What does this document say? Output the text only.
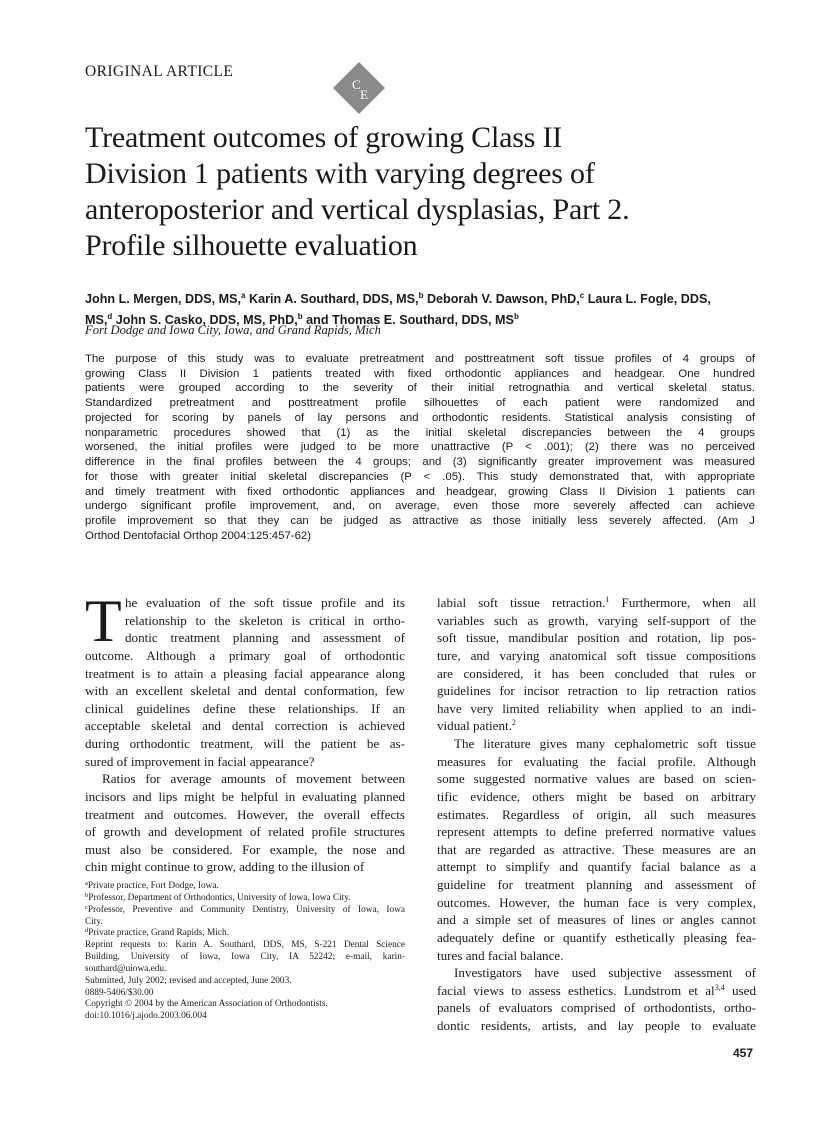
ORIGINAL ARTICLE
C
E
Treatment outcomes of growing Class II
Division 1 patients with varying degrees of
anteroposterior and vertical dysplasias, Part 2.
Profile silhouette evaluation
John L. Mergen, DDS, MS,$^a$ Karin A. Southard, DDS, MS,$^b$ Deborah V. Dawson, PhD,$^c$ Laura L. Fogle, DDS,
MS,$^d$ John S. Casko, DDS, MS, PhD,$^b$ and Thomas E. Southard, DDS, $MS^b$
Fort Dodge and Iowa City, Iowa, and Grand Rapids, Mich
The purpose of this study was to evaluate pretreatment and posttreatment soft tissue profiles of 4 groups of
growing Class II Division 1 patients treated with fixed orthodontic appliances and headgear. One hundred
patients were grouped according to the severity of their initial retrognathia and vertical skeletal status.
Standardized pretreatment and posttreatment profile silhouettes of each patient were randomized and
projected for scoring by panels of lay persons and orthodontic residents. Statistical analysis consisting of
nonparametric procedures showed that (1) as the initial skeletal discrepancies between the 4 groups
worsened, the initial profiles were judged to be more unattractive (P < .001); (2) there was no perceived
difference in the final profiles between the 4 groups; and (3) significantly greater improvement was measured
for those with greater initial skeletal discrepancies (P < .05). This study demonstrated that, with appropriate
and timely treatment with fixed orthodontic appliances and headgear, growing Class II Division 1 patients can
undergo significant profile improvement, and, on average, even those more severely affected can achieve
profile improvement so that they can be judged as attractive as those initially less severely affected. (Am J
Orthod Dentofacial Orthop 2004:125:457-62)
T he evaluation of the soft tissue profile and its
relationship to the skeleton is critical in ortho-
dontic treatment planning and assessment of
outcome. Although a primary goal of orthodontic
treatment is to attain a pleasing facial appearance along
with an excellent skeletal and dental conformation, few
clinical guidelines define these relationships. If an
acceptable skeletal and dental correction is achieved
during orthodontic treatment, will the patient be as-
sured of improvement in facial appearance?
Ratios for average amounts of movement between
incisors and lips might be helpful in evaluating planned
treatment and outcomes. However, the overall effects
of growth and development of related profile structures
must also be considered. For example, the nose and
chin might continue to grow, adding to the illusion of
labial soft tissue retraction.$^1$ Furthermore, when all
variables such as growth, varying self-support of the
soft tissue, mandibular position and rotation, lip pos-
ture, and varying anatomical soft tissue compositions
are considered, it has been concluded that rules or
guidelines for incisor retraction to lip retraction ratios
have very limited reliability when applied to an indi-
vidual patient.$^2$
The literature gives many cephalometric soft tissue
measures for evaluating the facial profile. Although
some suggested normative values are based on scien-
tific evidence, others might be based on arbitrary
estimates. Regardless of origin, all such measures
represent attempts to define preferred normative values
that are regarded as attractive. These measures are an
attempt to simplify and quantify facial balance as a
guideline for treatment planning and assessment of
outcomes. However, the human face is very complex,
and a simple set of measures of lines or angles cannot
adequately define or quantify esthetically pleasing fea-
tures and facial balance.
Investigators have used subjective assessment of
facial views to assess esthetics. Lundstrom et al$^{3,4}$ used
panels of evaluators comprised of orthodontists, ortho-
dontic residents, artists, and lay people to evaluate
$^a$Private practice, Fort Dodge, Iowa.
$^b$Professor, Department of Orthodontics, University of Iowa, Iowa City.
$^c$Professor, Preventive and Community Dentistry, University of Iowa, Iowa
City.
$^d$Private practice, Grand Rapids, Mich.
Reprint requests to: Karin A. Southard, DDS, MS, S-221 Dental Science
Building, University of Iowa, Iowa City, IA 52242; e-mail, karin-
southard@uiowa.edu.
Submitted, July 2002; revised and accepted, June 2003.
0889-5406/$30.00
Copyright © 2004 by the American Association of Orthodontists.
doi:10.1016/j.ajodo.2003.06.004
457
